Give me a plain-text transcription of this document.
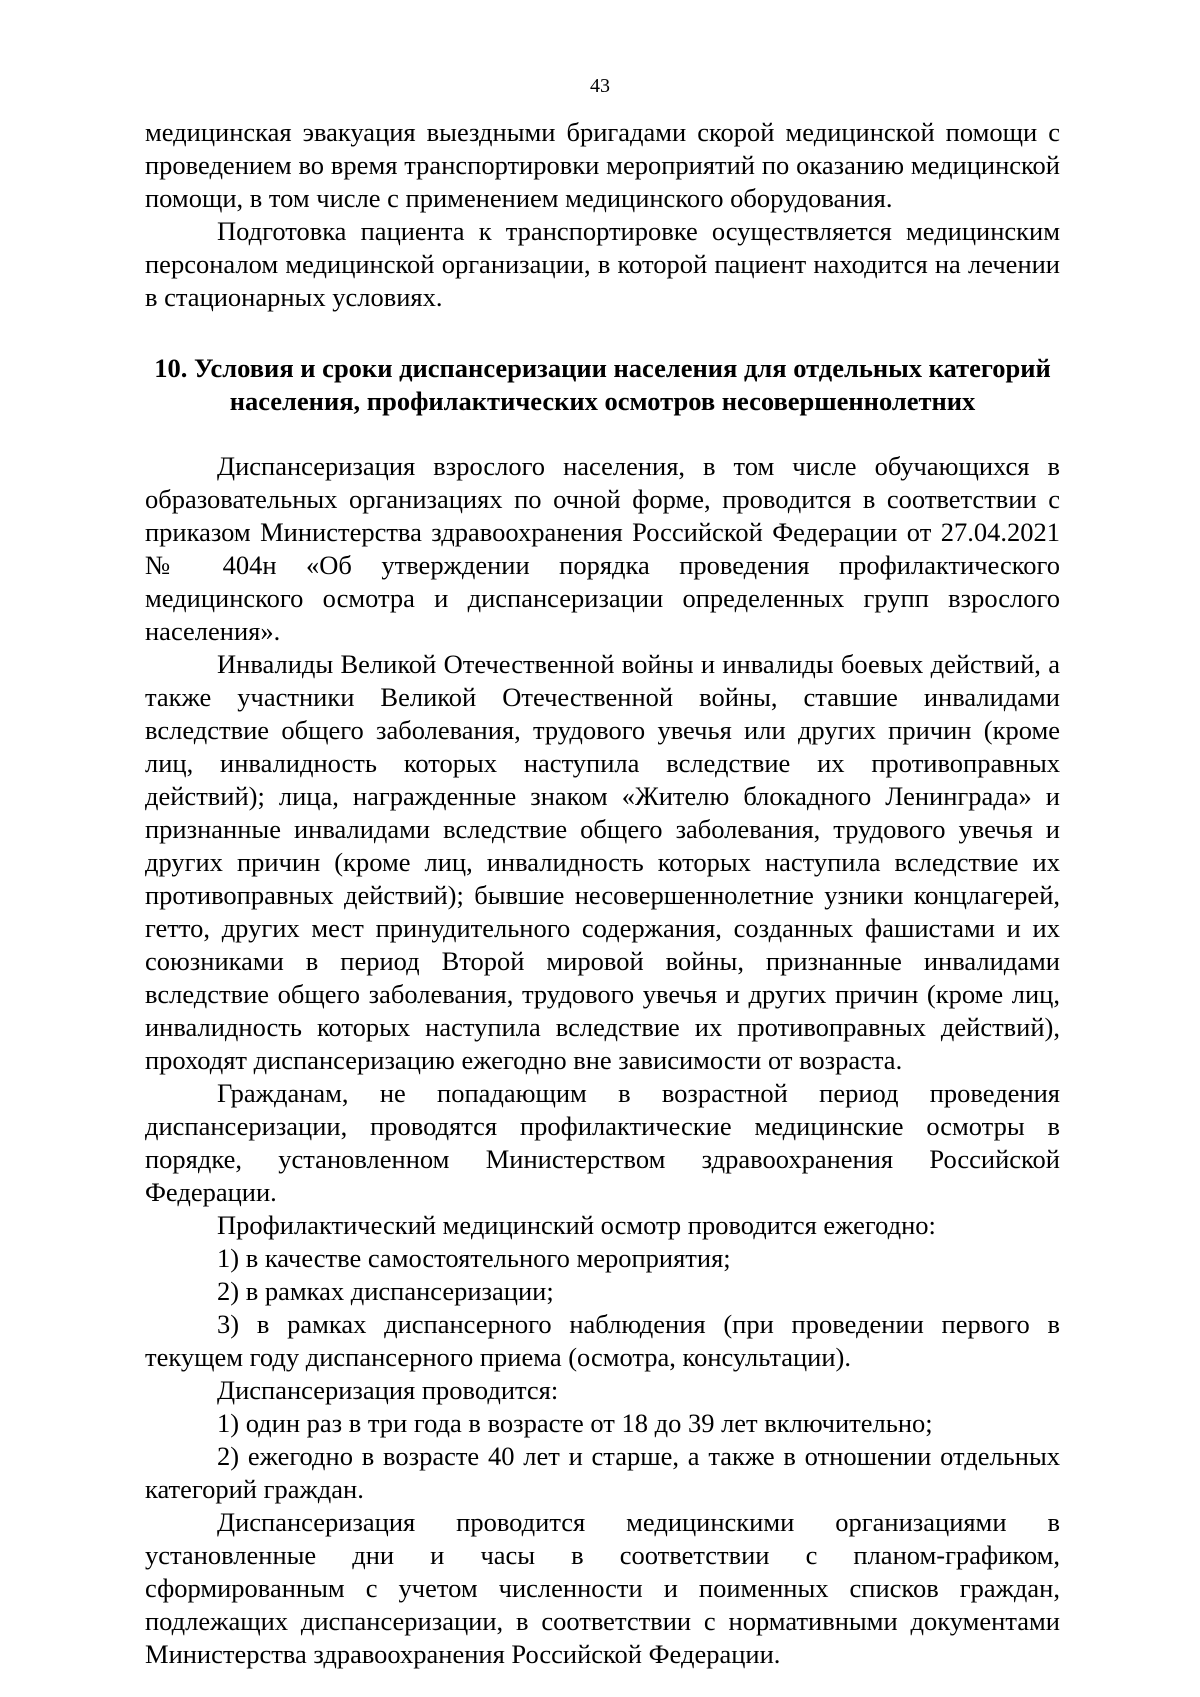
43

медицинская эвакуация выездными бригадами скорой медицинской помощи с проведением во время транспортировки мероприятий по оказанию медицинской помощи, в том числе с применением медицинского оборудования.

Подготовка пациента к транспортировке осуществляется медицинским персоналом медицинской организации, в которой пациент находится на лечении в стационарных условиях.

10. Условия и сроки диспансеризации населения для отдельных категорий
населения, профилактических осмотров несовершеннолетних

Диспансеризация взрослого населения, в том числе обучающихся в образовательных организациях по очной форме, проводится в соответствии с приказом Министерства здравоохранения Российской Федерации от 27.04.2021 № 404н «Об утверждении порядка проведения профилактического медицинского осмотра и диспансеризации определенных групп взрослого населения».

Инвалиды Великой Отечественной войны и инвалиды боевых действий, а также участники Великой Отечественной войны, ставшие инвалидами вследствие общего заболевания, трудового увечья или других причин (кроме лиц, инвалидность которых наступила вследствие их противоправных действий); лица, награжденные знаком «Жителю блокадного Ленинграда» и признанные инвалидами вследствие общего заболевания, трудового увечья и других причин (кроме лиц, инвалидность которых наступила вследствие их противоправных действий); бывшие несовершеннолетние узники концлагерей, гетто, других мест принудительного содержания, созданных фашистами и их союзниками в период Второй мировой войны, признанные инвалидами вследствие общего заболевания, трудового увечья и других причин (кроме лиц, инвалидность которых наступила вследствие их противоправных действий), проходят диспансеризацию ежегодно вне зависимости от возраста.

Гражданам, не попадающим в возрастной период проведения диспансеризации, проводятся профилактические медицинские осмотры в порядке, установленном Министерством здравоохранения Российской Федерации.

Профилактический медицинский осмотр проводится ежегодно:

1) в качестве самостоятельного мероприятия;

2) в рамках диспансеризации;

3) в рамках диспансерного наблюдения (при проведении первого в текущем году диспансерного приема (осмотра, консультации).

Диспансеризация проводится:

1) один раз в три года в возрасте от 18 до 39 лет включительно;

2) ежегодно в возрасте 40 лет и старше, а также в отношении отдельных категорий граждан.

Диспансеризация проводится медицинскими организациями в установленные дни и часы в соответствии с планом-графиком, сформированным с учетом численности и поименных списков граждан, подлежащих диспансеризации, в соответствии с нормативными документами Министерства здравоохранения Российской Федерации.
